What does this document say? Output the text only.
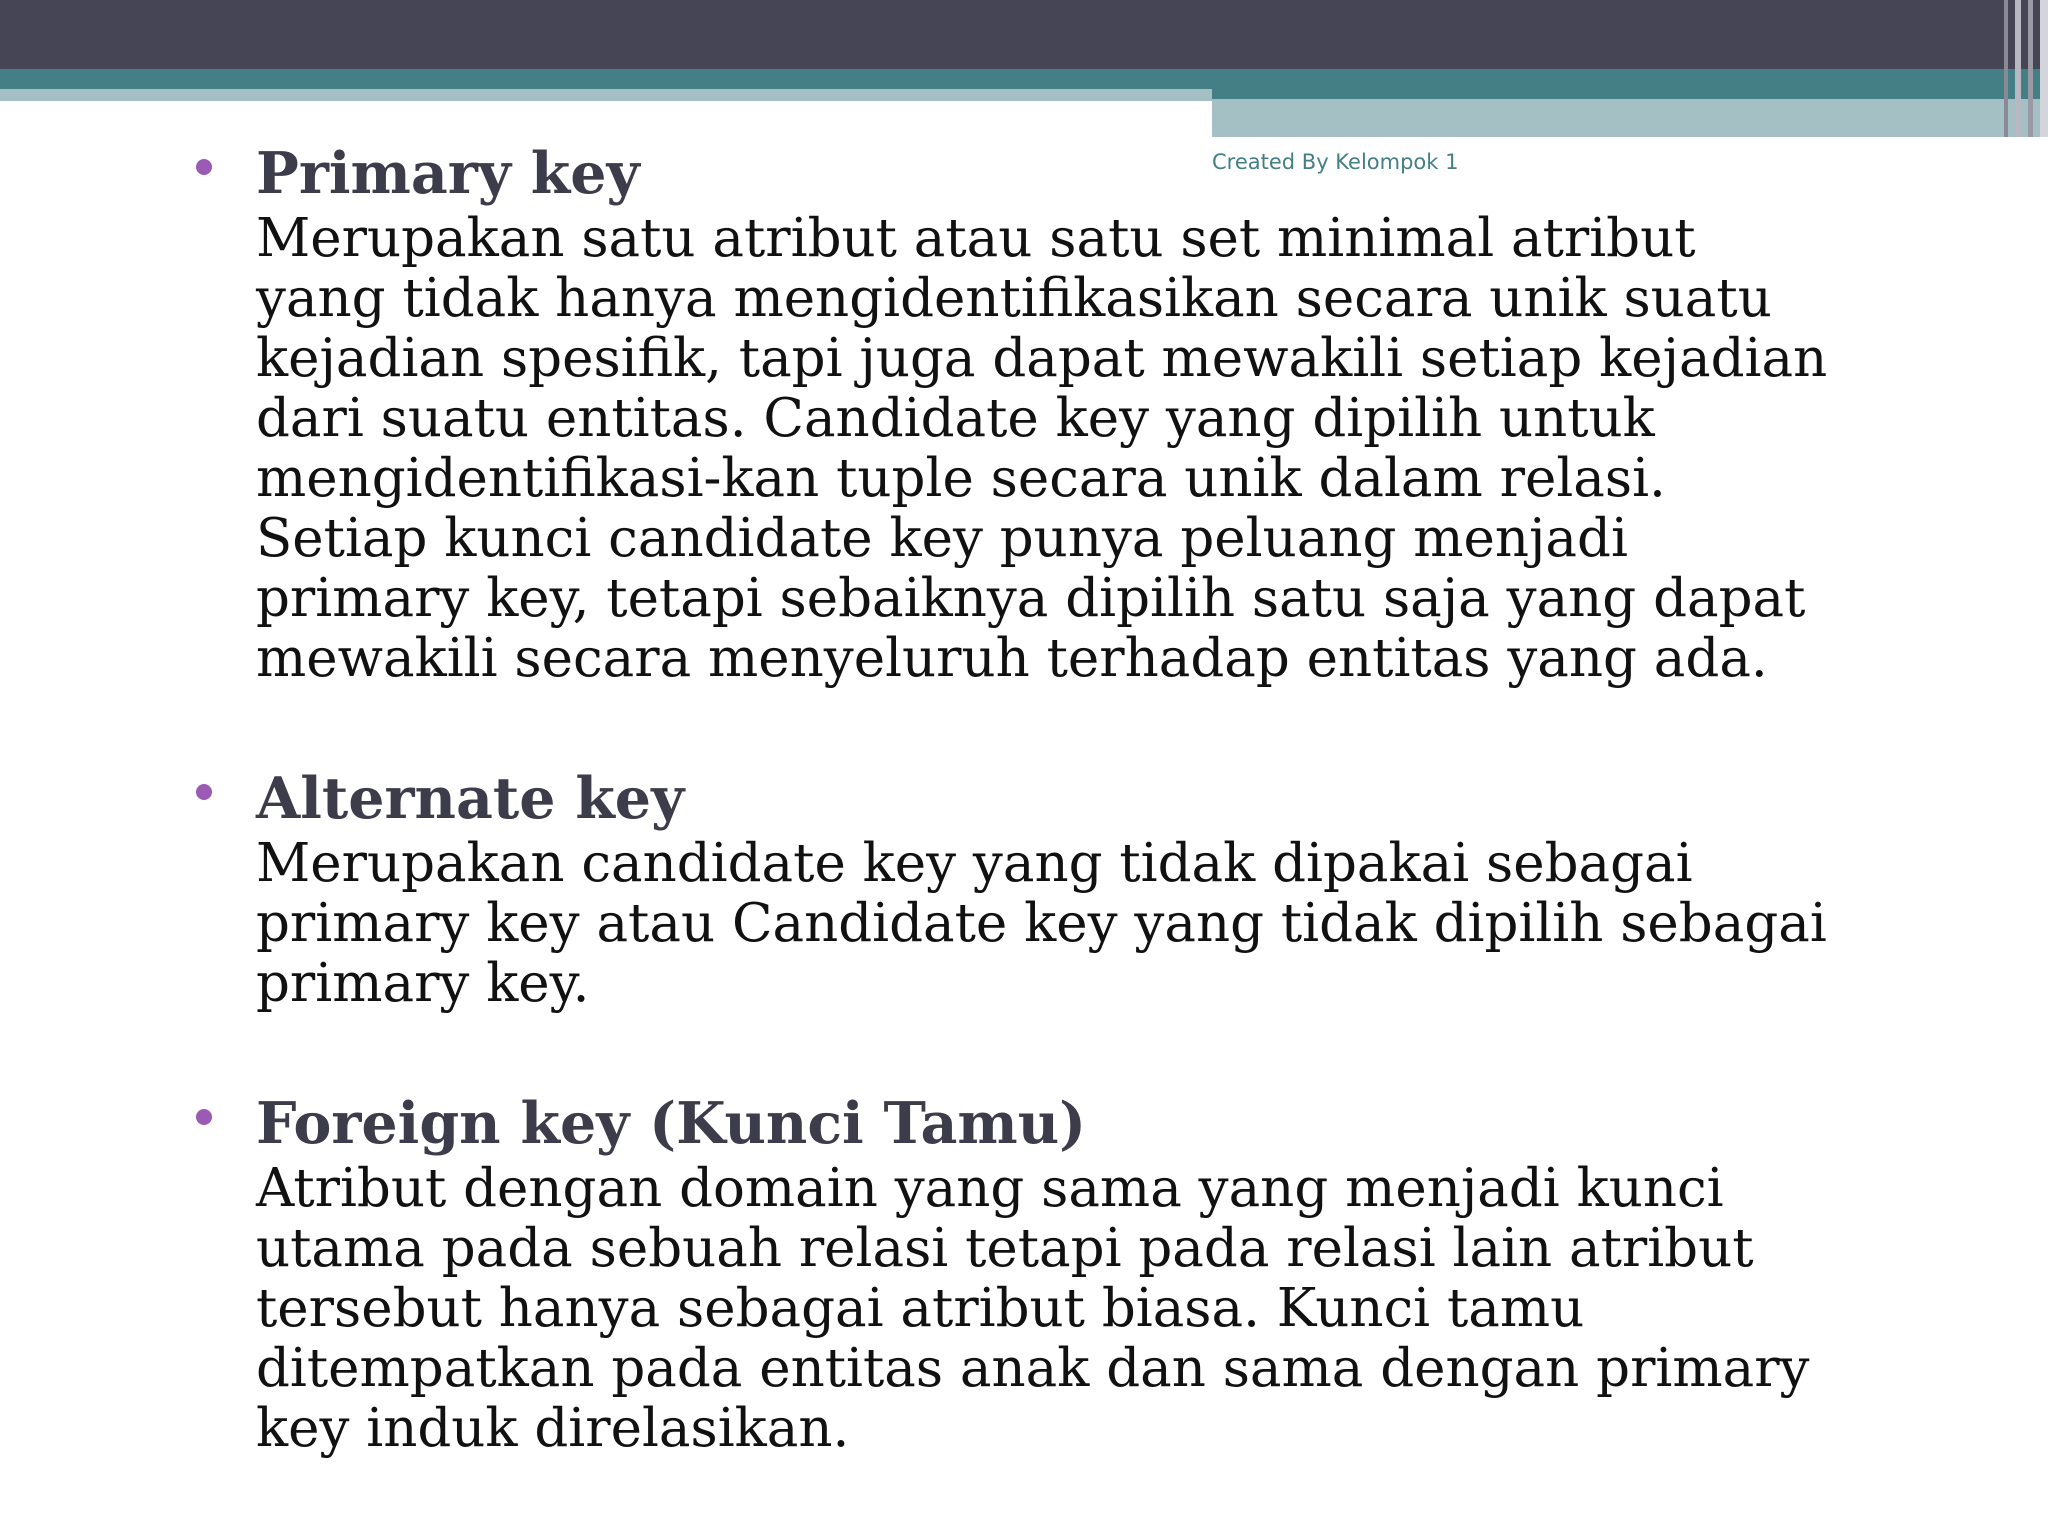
Created By Kelompok 1
Primary key
Merupakan satu atribut atau satu set minimal atribut
yang tidak hanya mengidentifikasikan secara unik suatu
kejadian spesifik, tapi juga dapat mewakili setiap kejadian
dari suatu entitas. Candidate key yang dipilih untuk
mengidentifikasi-kan tuple secara unik dalam relasi.
Setiap kunci candidate key punya peluang menjadi
primary key, tetapi sebaiknya dipilih satu saja yang dapat
mewakili secara menyeluruh terhadap entitas yang ada.
Alternate key
Merupakan candidate key yang tidak dipakai sebagai
primary key atau Candidate key yang tidak dipilih sebagai
primary key.
Foreign key (Kunci Tamu)
Atribut dengan domain yang sama yang menjadi kunci
utama pada sebuah relasi tetapi pada relasi lain atribut
tersebut hanya sebagai atribut biasa. Kunci tamu
ditempatkan pada entitas anak dan sama dengan primary
key induk direlasikan.
